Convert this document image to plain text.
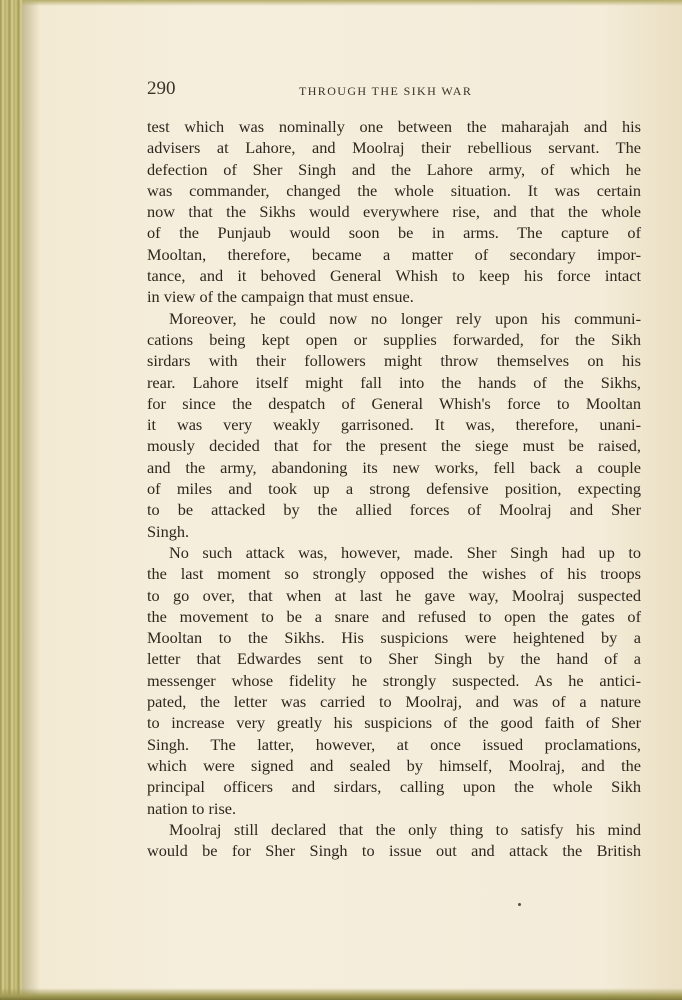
290	THROUGH THE SIKH WAR
test which was nominally one between the maharajah and his
advisers at Lahore, and Moolraj their rebellious servant. The
defection of Sher Singh and the Lahore army, of which he
was commander, changed the whole situation. It was certain
now that the Sikhs would everywhere rise, and that the whole
of the Punjaub would soon be in arms. The capture of
Mooltan, therefore, became a matter of secondary impor-
tance, and it behoved General Whish to keep his force intact
in view of the campaign that must ensue.
Moreover, he could now no longer rely upon his communi-
cations being kept open or supplies forwarded, for the Sikh
sirdars with their followers might throw themselves on his
rear. Lahore itself might fall into the hands of the Sikhs,
for since the despatch of General Whish's force to Mooltan
it was very weakly garrisoned. It was, therefore, unani-
mously decided that for the present the siege must be raised,
and the army, abandoning its new works, fell back a couple
of miles and took up a strong defensive position, expecting
to be attacked by the allied forces of Moolraj and Sher
Singh.
No such attack was, however, made. Sher Singh had up to
the last moment so strongly opposed the wishes of his troops
to go over, that when at last he gave way, Moolraj suspected
the movement to be a snare and refused to open the gates of
Mooltan to the Sikhs. His suspicions were heightened by a
letter that Edwardes sent to Sher Singh by the hand of a
messenger whose fidelity he strongly suspected. As he antici-
pated, the letter was carried to Moolraj, and was of a nature
to increase very greatly his suspicions of the good faith of Sher
Singh. The latter, however, at once issued proclamations,
which were signed and sealed by himself, Moolraj, and the
principal officers and sirdars, calling upon the whole Sikh
nation to rise.
Moolraj still declared that the only thing to satisfy his mind
would be for Sher Singh to issue out and attack the British
